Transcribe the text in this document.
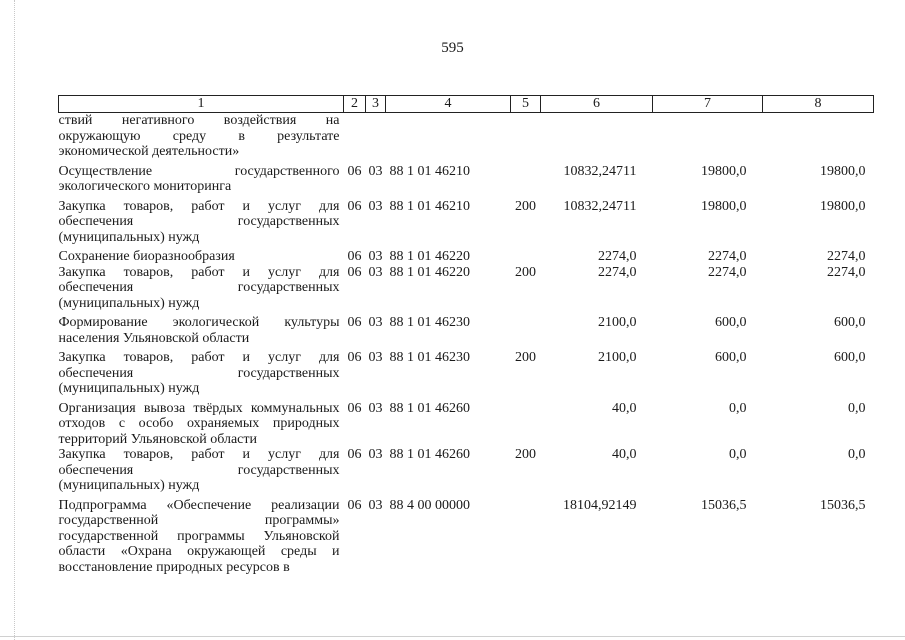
595
1	2	3	4	5	6	7	8
ствий негативного воздействия на окружающую среду в результате экономической деятельности»							
Осуществление государственного экологического мониторинга	06	03	88 1 01 46210		10832,24711	19800,0	19800,0
Закупка товаров, работ и услуг для обеспечения государственных (муниципальных) нужд	06	03	88 1 01 46210	200	10832,24711	19800,0	19800,0
Сохранение биоразнообразия	06	03	88 1 01 46220		2274,0	2274,0	2274,0
Закупка товаров, работ и услуг для обеспечения государственных (муниципальных) нужд	06	03	88 1 01 46220	200	2274,0	2274,0	2274,0
Формирование экологической культуры населения Ульяновской области	06	03	88 1 01 46230		2100,0	600,0	600,0
Закупка товаров, работ и услуг для обеспечения государственных (муниципальных) нужд	06	03	88 1 01 46230	200	2100,0	600,0	600,0
Организация вывоза твёрдых коммунальных отходов с особо охраняемых природных территорий Ульяновской области	06	03	88 1 01 46260		40,0	0,0	0,0
Закупка товаров, работ и услуг для обеспечения государственных (муниципальных) нужд	06	03	88 1 01 46260	200	40,0	0,0	0,0
Подпрограмма «Обеспечение реализации государственной программы» государственной программы Ульяновской области «Охрана окружающей среды и восстановление природных ресурсов в	06	03	88 4 00 00000		18104,92149	15036,5	15036,5
